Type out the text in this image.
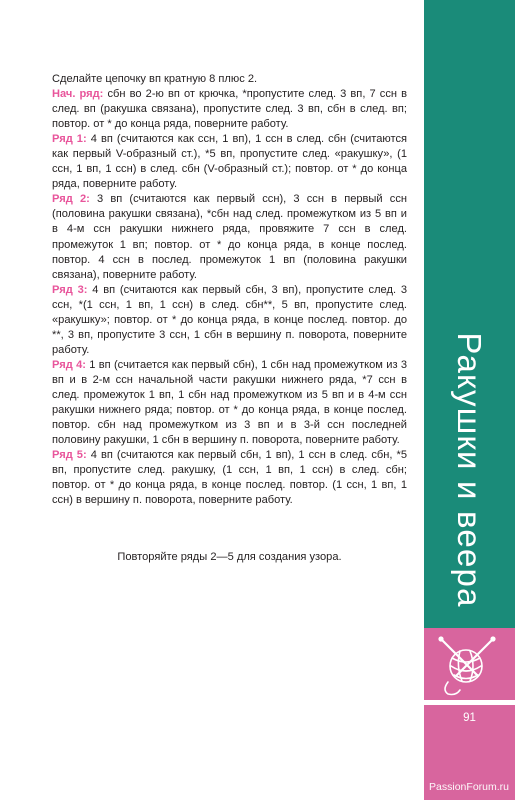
Сделайте цепочку вп кратную 8 плюс 2.

Нач. ряд: сбн во 2-ю вп от крючка, *пропустите след. 3 вп, 7 ссн в след. вп (ракушка связана), пропустите след. 3 вп, сбн в след. вп; повтор. от * до конца ряда, поверните работу.

Ряд 1: 4 вп (считаются как ссн, 1 вп), 1 ссн в след. сбн (считаются как первый V-образный ст.), *5 вп, пропустите след. «ракушку», (1 ссн, 1 вп, 1 ссн) в след. сбн (V-образный ст.); повтор. от * до конца ряда, поверните работу.

Ряд 2: 3 вп (считаются как первый ссн), 3 ссн в первый ссн (половина ракушки связана), *сбн над след. промежутком из 5 вп и в 4-м ссн ракушки нижнего ряда, провяжите 7 ссн в след. промежуток 1 вп; повтор. от * до конца ряда, в конце послед. повтор. 4 ссн в послед. промежуток 1 вп (половина ракушки связана), поверните работу.

Ряд 3: 4 вп (считаются как первый сбн, 3 вп), пропустите след. 3 ссн, *(1 ссн, 1 вп, 1 ссн) в след. сбн**, 5 вп, пропустите след. «ракушку»; повтор. от * до конца ряда, в конце послед. повтор. до **, 3 вп, пропустите 3 ссн, 1 сбн в вершину п. поворота, поверните работу.

Ряд 4: 1 вп (считается как первый сбн), 1 сбн над промежутком из 3 вп и в 2-м ссн начальной части ракушки нижнего ряда, *7 ссн в след. промежуток 1 вп, 1 сбн над промежутком из 5 вп и в 4-м ссн ракушки нижнего ряда; повтор. от * до конца ряда, в конце послед. повтор. сбн над промежутком из 3 вп и в 3-й ссн последней половину ракушки, 1 сбн в вершину п. поворота, поверните работу.

Ряд 5: 4 вп (считаются как первый сбн, 1 вп), 1 ссн в след. сбн, *5 вп, пропустите след. ракушку, (1 ссн, 1 вп, 1 ссн) в след. сбн; повтор. от * до конца ряда, в конце послед. повтор. (1 ссн, 1 вп, 1 ссн) в вершину п. поворота, поверните работу.

Повторяйте ряды 2—5 для создания узора.	Ракушки и веера
91
PassionForum.ru
